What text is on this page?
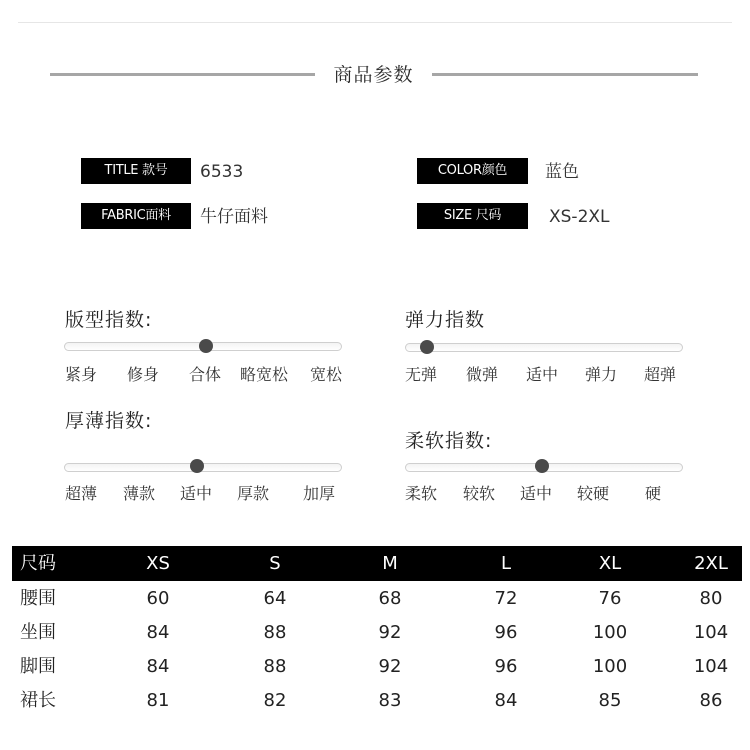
商品参数
TITLE 款号	6533
FABRIC面料	牛仔面料
COLOR颜色	蓝色
SIZE 尺码	XS-2XL
版型指数:
紧身 修身 合体 略宽松 宽松
弹力指数
无弹 微弹 适中 弹力 超弹
厚薄指数:
超薄 薄款 适中 厚款 加厚
柔软指数:
柔软 较软 适中 较硬 硬
尺码	XS	S	M	L	XL	2XL
腰围	60	64	68	72	76	80
坐围	84	88	92	96	100	104
脚围	84	88	92	96	100	104
裙长	81	82	83	84	85	86
